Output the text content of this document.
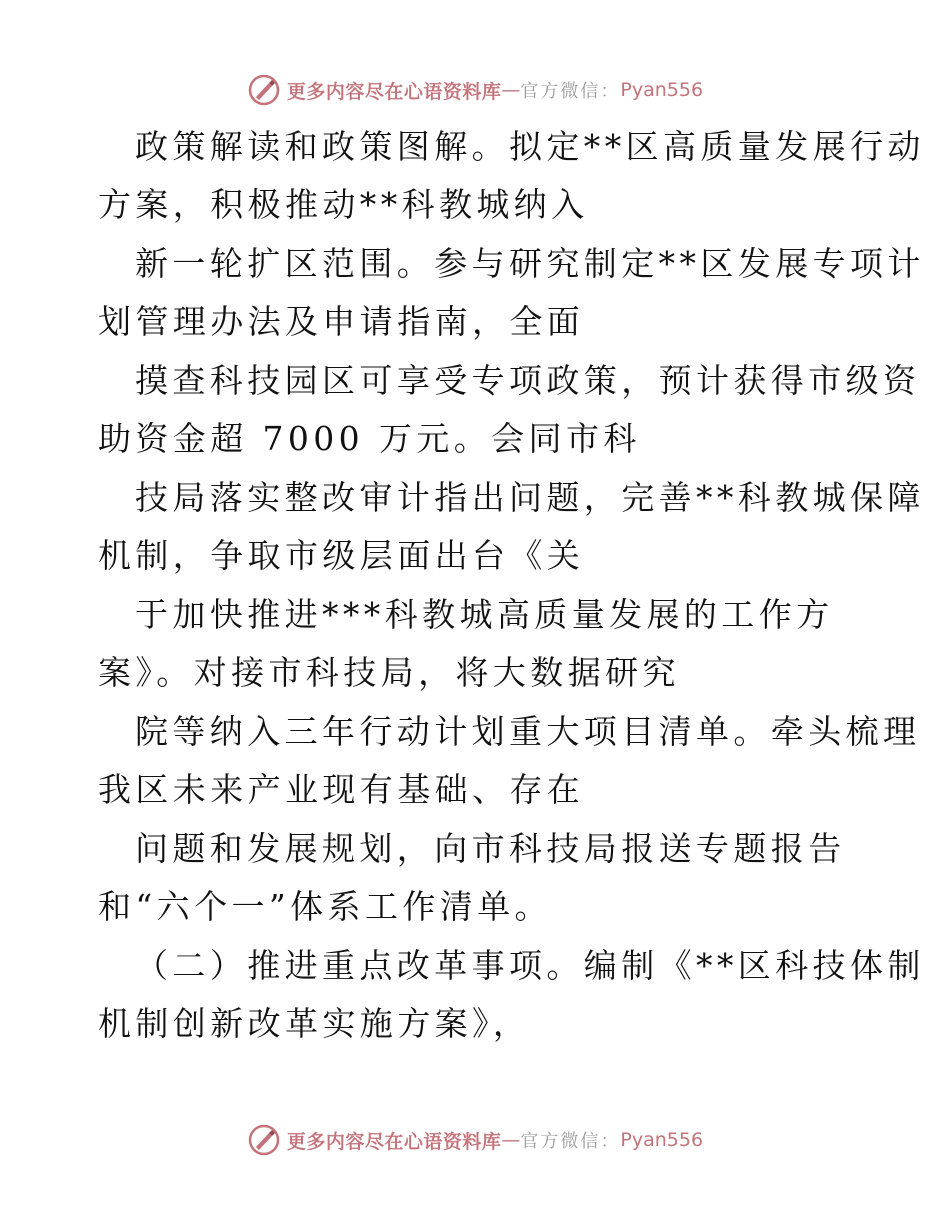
更多内容尽在心语资料库 — 官方微信： Pyan556
政策解读和政策图解。拟定**区高质量发展行动
方案，积极推动**科教城纳入
新一轮扩区范围。参与研究制定**区发展专项计
划管理办法及申请指南，全面
摸查科技园区可享受专项政策，预计获得市级资
助资金超 7000 万元。会同市科
技局落实整改审计指出问题，完善**科教城保障
机制，争取市级层面出台《关
于加快推进***科教城高质量发展的工作方
案》。对接市科技局，将大数据研究
院等纳入三年行动计划重大项目清单。牵头梳理
我区未来产业现有基础、存在
问题和发展规划，向市科技局报送专题报告
和“六个一”体系工作清单。
（二）推进重点改革事项。编制《**区科技体制
机制创新改革实施方案》，
更多内容尽在心语资料库 — 官方微信： Pyan556
